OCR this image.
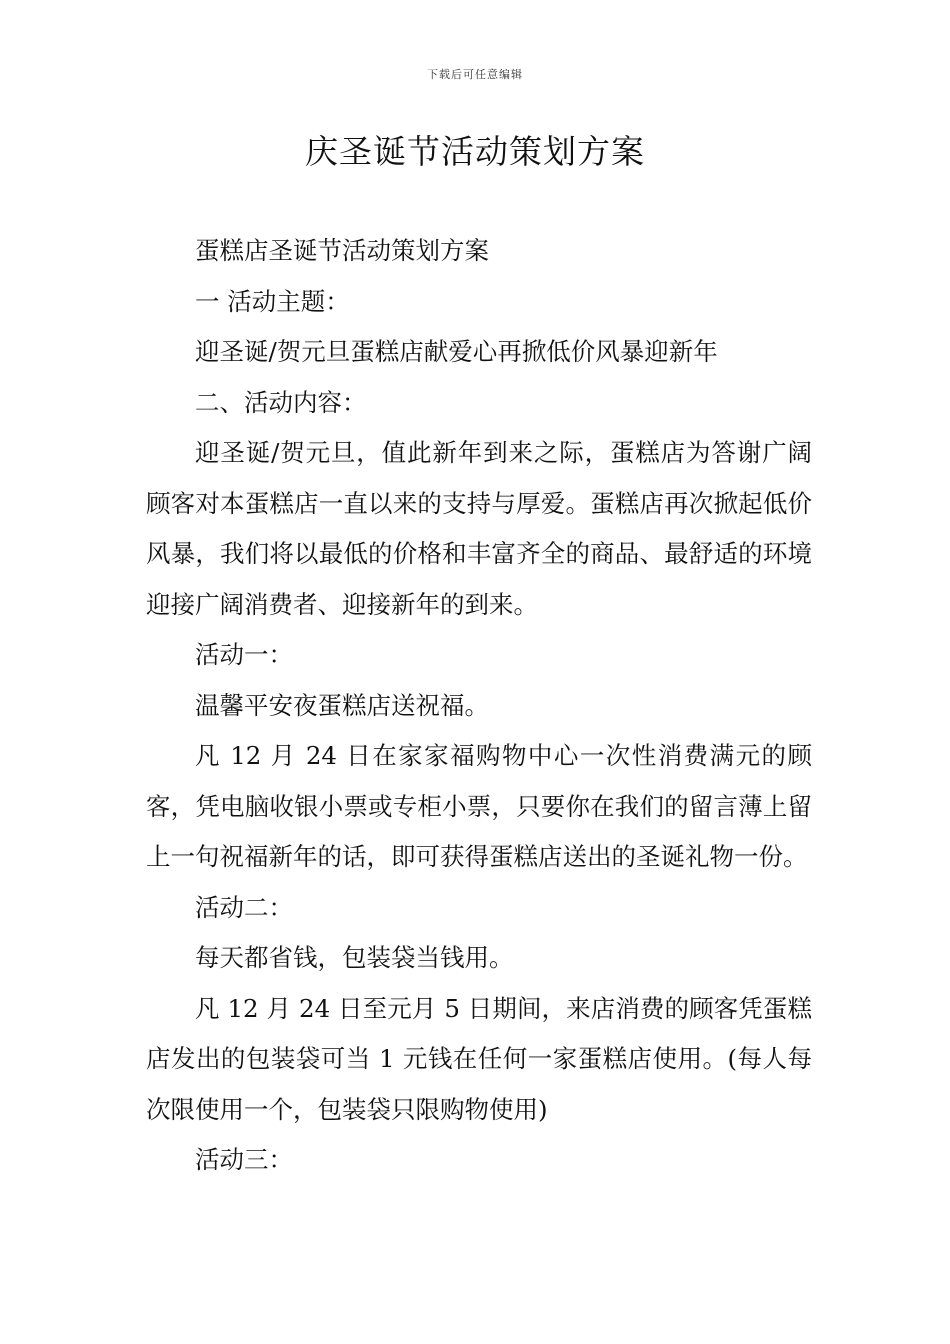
下载后可任意编辑
庆圣诞节活动策划方案

蛋糕店圣诞节活动策划方案

一 活动主题：

迎圣诞/贺元旦蛋糕店献爱心再掀低价风暴迎新年

二、活动内容：

迎圣诞/贺元旦，值此新年到来之际，蛋糕店为答谢广阔顾客对本蛋糕店一直以来的支持与厚爱。蛋糕店再次掀起低价风暴，我们将以最低的价格和丰富齐全的商品、最舒适的环境迎接广阔消费者、迎接新年的到来。

活动一：

温馨平安夜蛋糕店送祝福。

凡 12 月 24 日在家家福购物中心一次性消费满元的顾客，凭电脑收银小票或专柜小票，只要你在我们的留言薄上留上一句祝福新年的话，即可获得蛋糕店送出的圣诞礼物一份。

活动二：

每天都省钱，包装袋当钱用。

凡 12 月 24 日至元月 5 日期间，来店消费的顾客凭蛋糕店发出的包装袋可当 1 元钱在任何一家蛋糕店使用。(每人每次限使用一个，包装袋只限购物使用)

活动三：
